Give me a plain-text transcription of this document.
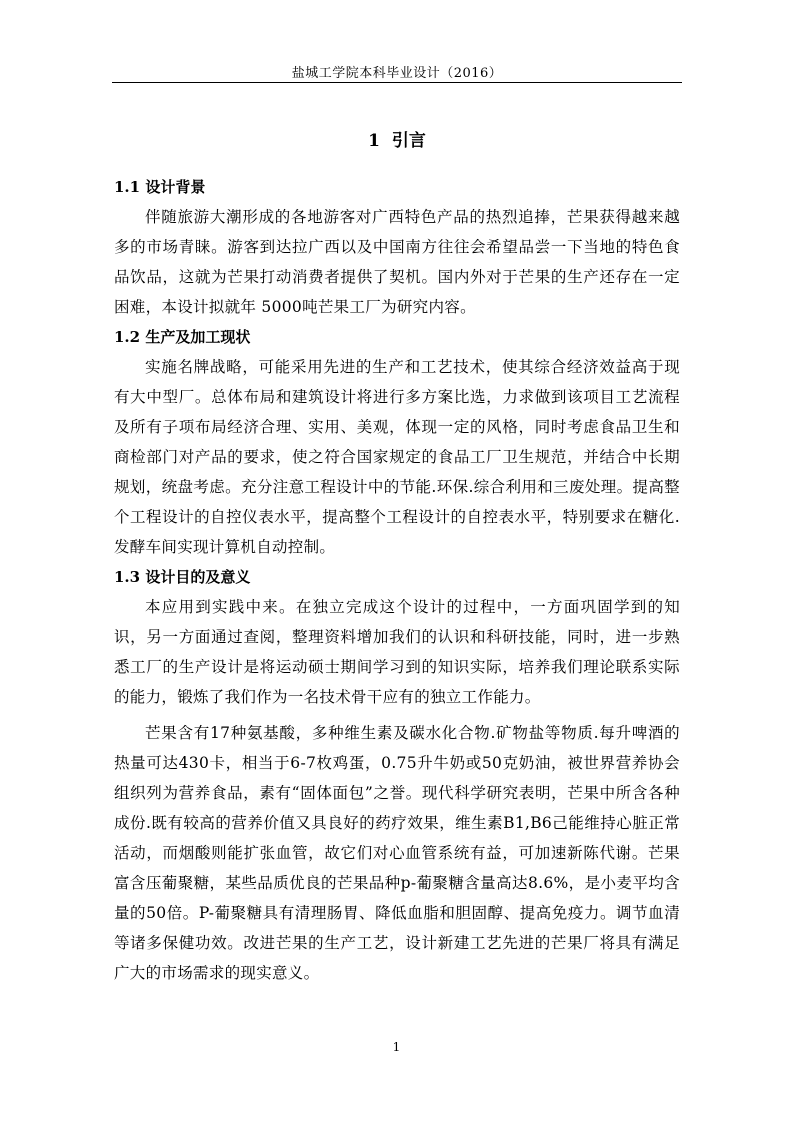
盐城工学院本科毕业设计（2016）
1 引言
1.1 设计背景

伴随旅游大潮形成的各地游客对广西特色产品的热烈追捧，芒果获得越来越多的市场青睐。游客到达拉广西以及中国南方往往会希望品尝一下当地的特色食品饮品，这就为芒果打动消费者提供了契机。国内外对于芒果的生产还存在一定困难，本设计拟就年 5000吨芒果工厂为研究内容。

1.2 生产及加工现状

实施名牌战略，可能采用先进的生产和工艺技术，使其综合经济效益高于现有大中型厂。总体布局和建筑设计将进行多方案比选，力求做到该项目工艺流程及所有子项布局经济合理、实用、美观，体现一定的风格，同时考虑食品卫生和商检部门对产品的要求，使之符合国家规定的食品工厂卫生规范，并结合中长期规划，统盘考虑。充分注意工程设计中的节能.环保.综合利用和三废处理。提高整个工程设计的自控仪表水平，提高整个工程设计的自控表水平，特别要求在糖化.发酵车间实现计算机自动控制。

1.3 设计目的及意义

本应用到实践中来。在独立完成这个设计的过程中，一方面巩固学到的知识，另一方面通过查阅，整理资料增加我们的认识和科研技能，同时，进一步熟悉工厂的生产设计是将运动硕士期间学习到的知识实际，培养我们理论联系实际的能力，锻炼了我们作为一名技术骨干应有的独立工作能力。

芒果含有17种氨基酸，多种维生素及碳水化合物.矿物盐等物质.每升啤酒的热量可达430卡，相当于6-7枚鸡蛋，0.75升牛奶或50克奶油，被世界营养协会组织列为营养食品，素有“固体面包”之誉。现代科学研究表明，芒果中所含各种成份.既有较高的营养价值又具良好的药疗效果，维生素B1,B6己能维持心脏正常活动，而烟酸则能扩张血管，故它们对心血管系统有益，可加速新陈代谢。芒果富含压葡聚糖，某些品质优良的芒果品种p-葡聚糖含量高达8.6%，是小麦平均含量的50倍。P-葡聚糖具有清理肠胃、降低血脂和胆固醇、提高免疫力。调节血清等诸多保健功效。改进芒果的生产工艺，设计新建工艺先进的芒果厂将具有满足广大的市场需求的现实意义。

1
